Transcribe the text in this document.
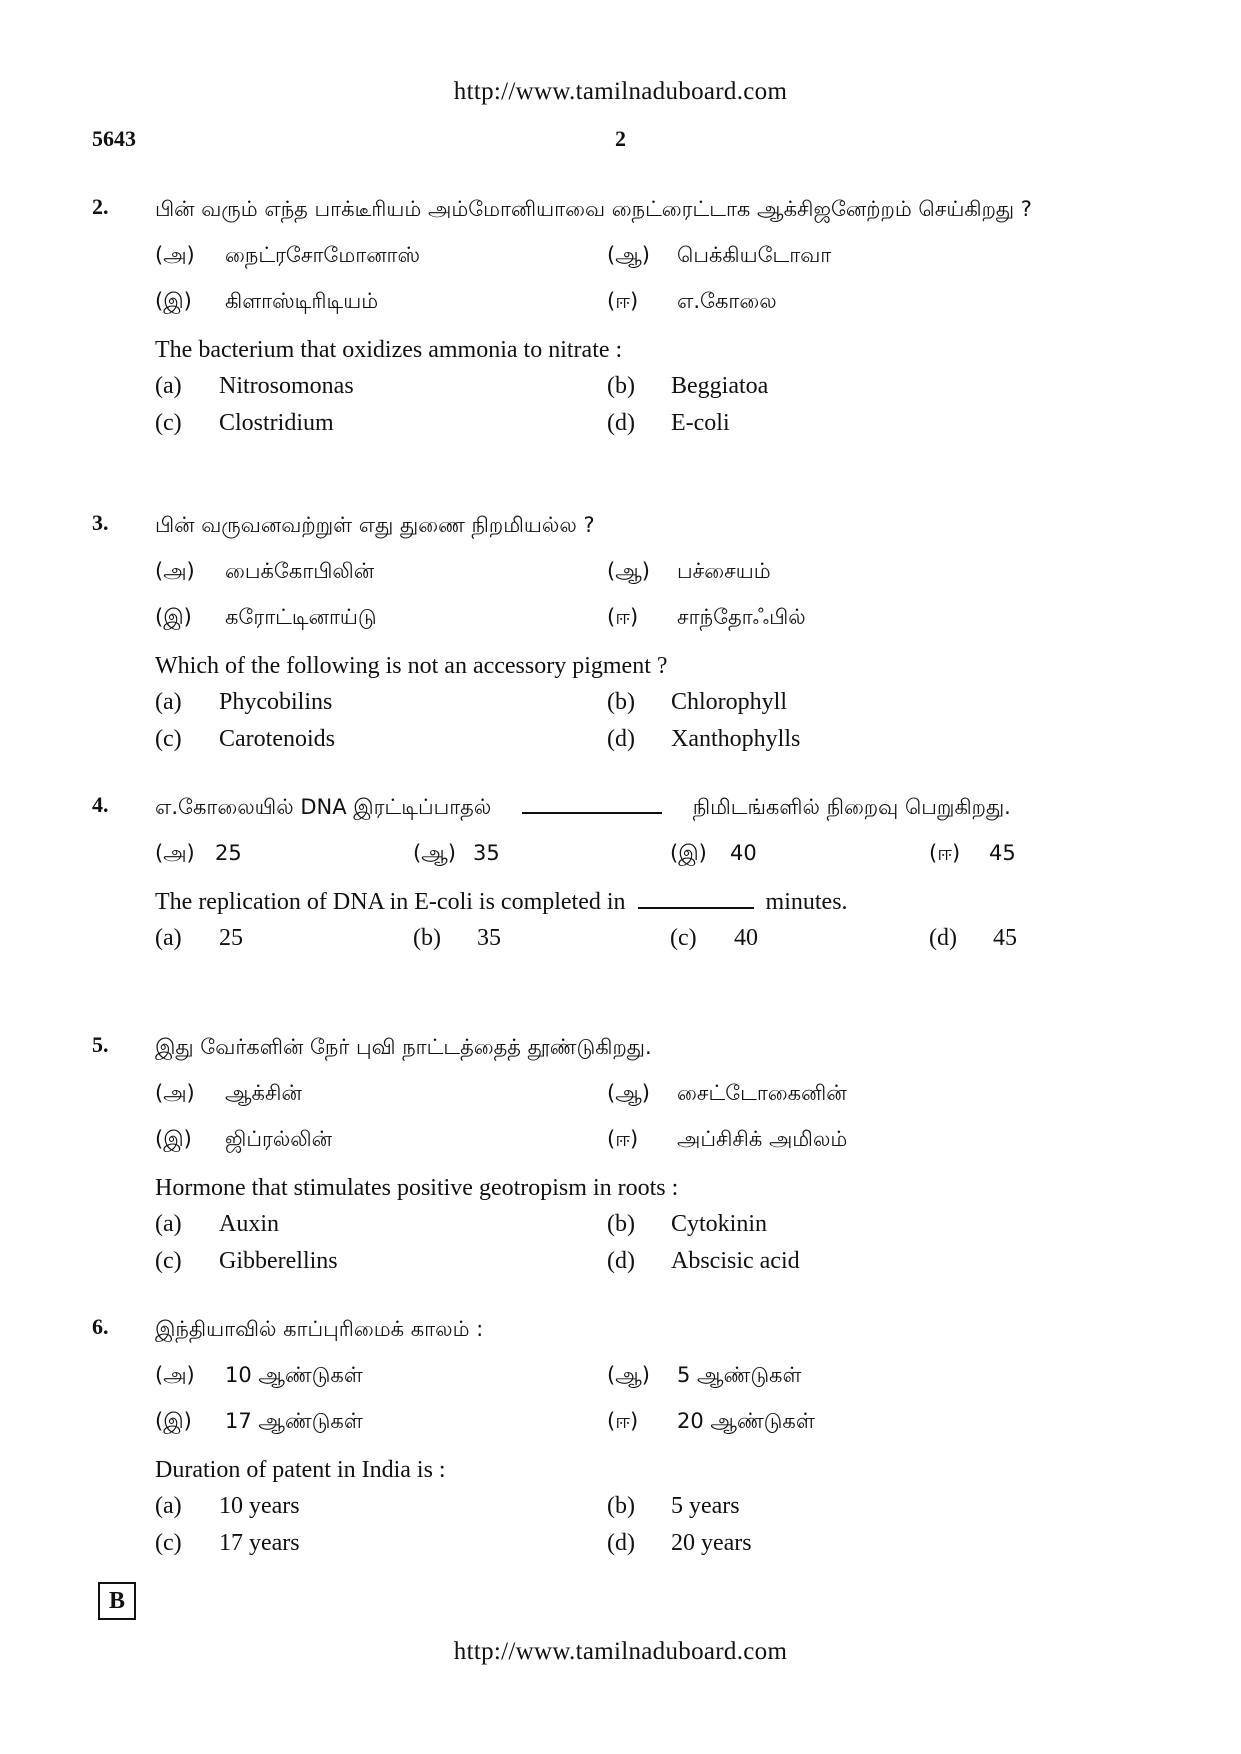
http://www.tamilnaduboard.com
5643	2
2. பின் வரும் எந்த பாக்டீரியம் அம்மோனியாவை நைட்ரைட்டாக ஆக்சிஜனேற்றம் செய்கிறது ?
(அ) நைட்ரசோமோனாஸ்	(ஆ) பெக்கியடோவா
(இ) கிளாஸ்டிரிடியம்	(ஈ) எ.கோலை
The bacterium that oxidizes ammonia to nitrate :
(a) Nitrosomonas	(b) Beggiatoa
(c) Clostridium	(d) E-coli
3. பின் வருவனவற்றுள் எது துணை நிறமியல்ல ?
(அ) பைக்கோபிலின்	(ஆ) பச்சையம்
(இ) கரோட்டினாய்டு	(ஈ) சாந்தோஃபில்
Which of the following is not an accessory pigment ?
(a) Phycobilins	(b) Chlorophyll
(c) Carotenoids	(d) Xanthophylls
4. எ.கோலையில் DNA இரட்டிப்பாதல்	நிமிடங்களில் நிறைவு பெறுகிறது.
(அ) 25	(ஆ) 35	(இ) 40	(ஈ) 45
The replication of DNA in E-coli is completed in	minutes.
(a) 25	(b) 35	(c) 40	(d) 45
5. இது வேர்களின் நேர் புவி நாட்டத்தைத் தூண்டுகிறது.
(அ) ஆக்சின்	(ஆ) சைட்டோகைனின்
(இ) ஜிப்ரல்லின்	(ஈ) அப்சிசிக் அமிலம்
Hormone that stimulates positive geotropism in roots :
(a) Auxin	(b) Cytokinin
(c) Gibberellins	(d) Abscisic acid
6. இந்தியாவில் காப்புரிமைக் காலம் :
(அ) 10 ஆண்டுகள்	(ஆ) 5 ஆண்டுகள்
(இ) 17 ஆண்டுகள்	(ஈ) 20 ஆண்டுகள்
Duration of patent in India is :
(a) 10 years	(b) 5 years
(c) 17 years	(d) 20 years
B
http://www.tamilnaduboard.com
